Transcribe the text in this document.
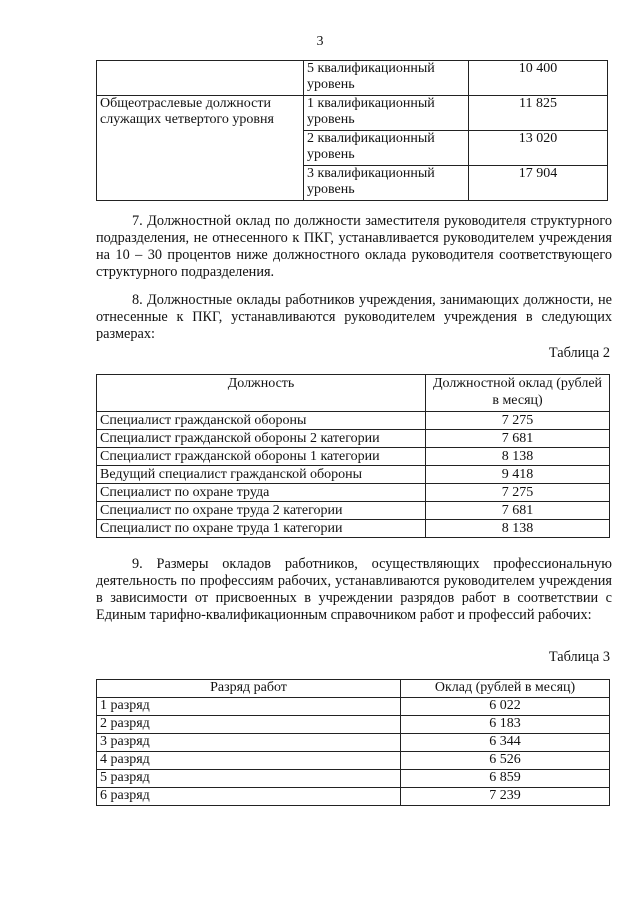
3
	5 квалификационный уровень	10 400
Общеотраслевые должности служащих четвертого уровня	1 квалификационный уровень	11 825
	2 квалификационный уровень	13 020
	3 квалификационный уровень	17 904

7. Должностной оклад по должности заместителя руководителя структурного подразделения, не отнесенного к ПКГ, устанавливается руководителем учреждения на 10 – 30 процентов ниже должностного оклада руководителя соответствующего структурного подразделения.

8. Должностные оклады работников учреждения, занимающих должности, не отнесенные к ПКГ, устанавливаются руководителем учреждения в следующих размерах:

Таблица 2
Должность	Должностной оклад (рублей в месяц)
Специалист гражданской обороны	7 275
Специалист гражданской обороны 2 категории	7 681
Специалист гражданской обороны 1 категории	8 138
Ведущий специалист гражданской обороны	9 418
Специалист по охране труда	7 275
Специалист по охране труда 2 категории	7 681
Специалист по охране труда 1 категории	8 138

9. Размеры окладов работников, осуществляющих профессиональную деятельность по профессиям рабочих, устанавливаются руководителем учреждения в зависимости от присвоенных в учреждении разрядов работ в соответствии с Единым тарифно-квалификационным справочником работ и профессий рабочих:

Таблица 3
Разряд работ	Оклад (рублей в месяц)
1 разряд	6 022
2 разряд	6 183
3 разряд	6 344
4 разряд	6 526
5 разряд	6 859
6 разряд	7 239
